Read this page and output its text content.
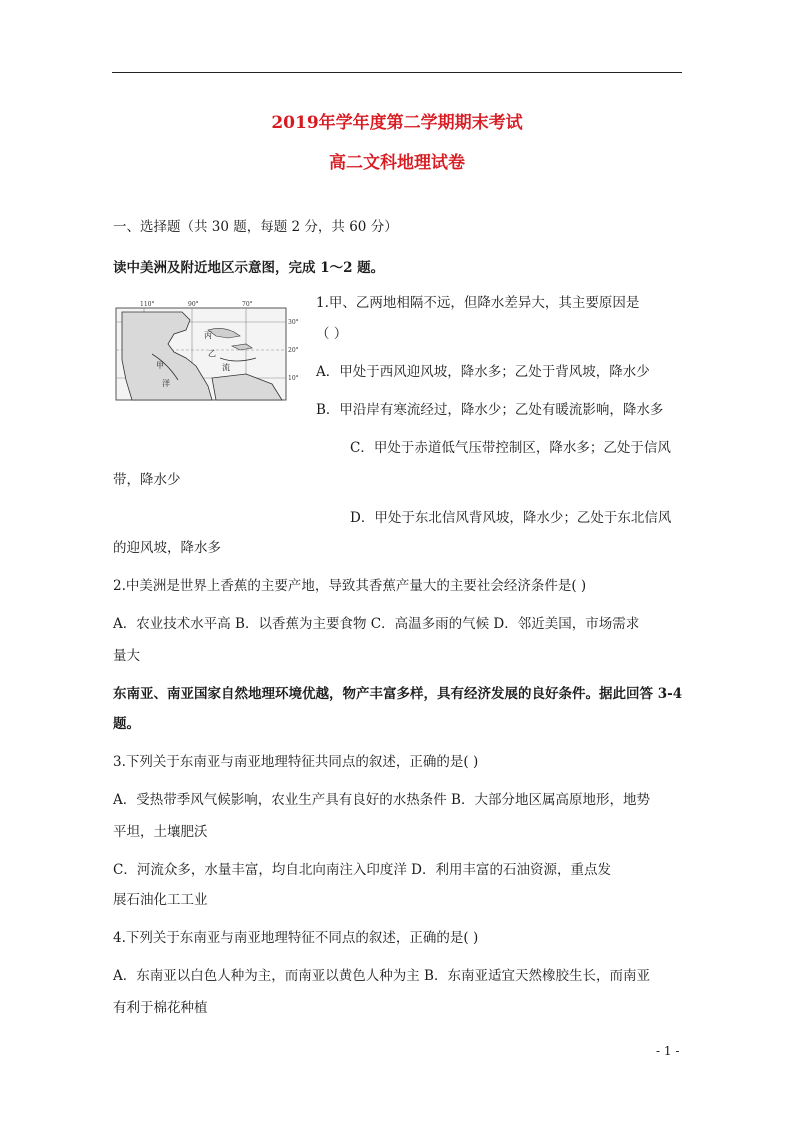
2019年学年度第二学期期末考试
高二文科地理试卷
一、选择题（共 30 题，每题 2 分，共 60 分）
读中美洲及附近地区示意图，完成 1～2 题。
110°	90°	70°
30°
20°
10°
甲
乙
丙
洋
流
1.甲、乙两地相隔不远，但降水差异大，其主要原因是
（ ）
A．甲处于西风迎风坡，降水多；乙处于背风坡，降水少
B．甲沿岸有寒流经过，降水少；乙处有暖流影响，降水多
C．甲处于赤道低气压带控制区，降水多；乙处于信风
带，降水少
D．甲处于东北信风背风坡，降水少；乙处于东北信风
的迎风坡，降水多
2.中美洲是世界上香蕉的主要产地，导致其香蕉产量大的主要社会经济条件是( )
A．农业技术水平高 B．以香蕉为主要食物 C．高温多雨的气候 D．邻近美国，市场需求
量大
东南亚、南亚国家自然地理环境优越，物产丰富多样，具有经济发展的良好条件。据此回答 3-4
题。
3.下列关于东南亚与南亚地理特征共同点的叙述，正确的是( )
A．受热带季风气候影响，农业生产具有良好的水热条件 B．大部分地区属高原地形，地势
平坦，土壤肥沃
C．河流众多，水量丰富，均自北向南注入印度洋 D．利用丰富的石油资源，重点发
展石油化工工业
4.下列关于东南亚与南亚地理特征不同点的叙述，正确的是( )
A．东南亚以白色人种为主，而南亚以黄色人种为主 B．东南亚适宜天然橡胶生长，而南亚
有利于棉花种植
- 1 -
